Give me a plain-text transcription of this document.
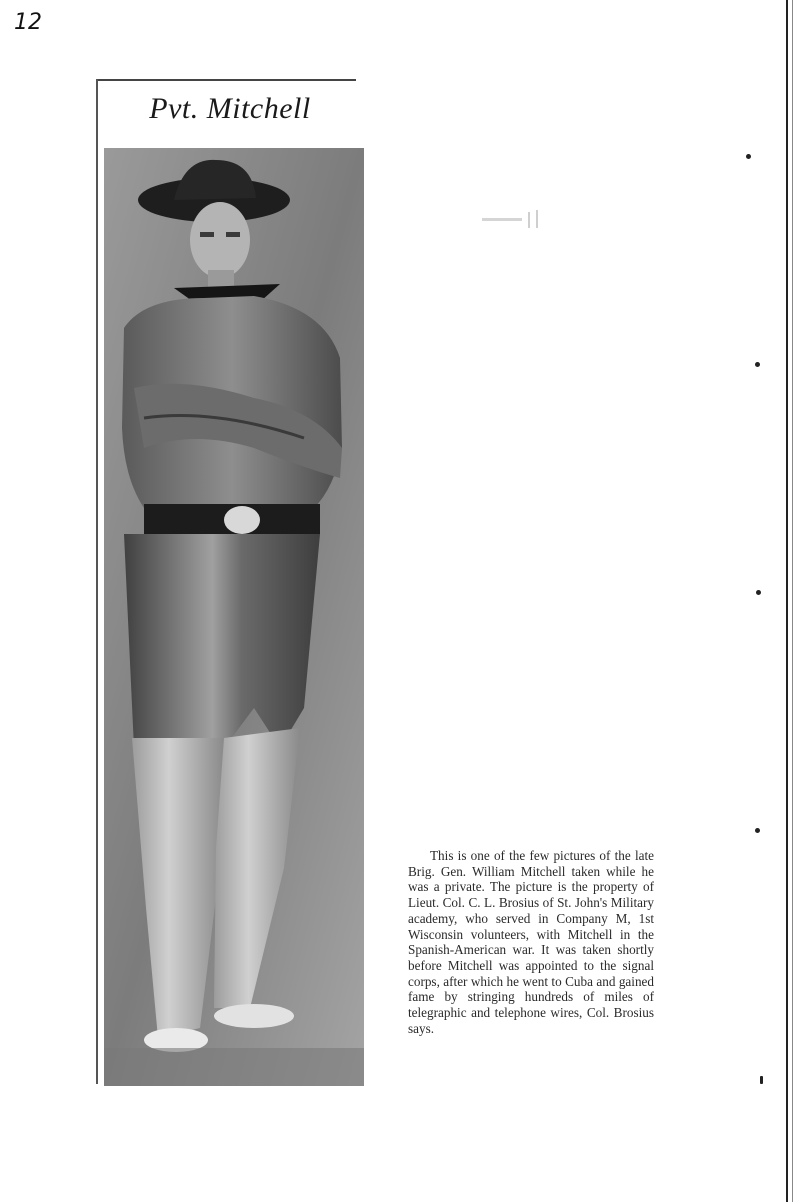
12
Pvt. Mitchell
This is one of the few pictures of the late Brig. Gen. William Mitchell taken while he was a private. The picture is the property of Lieut. Col. C. L. Brosius of St. John's Military academy, who served in Company M, 1st Wisconsin volunteers, with Mitchell in the Spanish-American war. It was taken shortly before Mitchell was appointed to the signal corps, after which he went to Cuba and gained fame by stringing hundreds of miles of telegraphic and telephone wires, Col. Brosius says.
